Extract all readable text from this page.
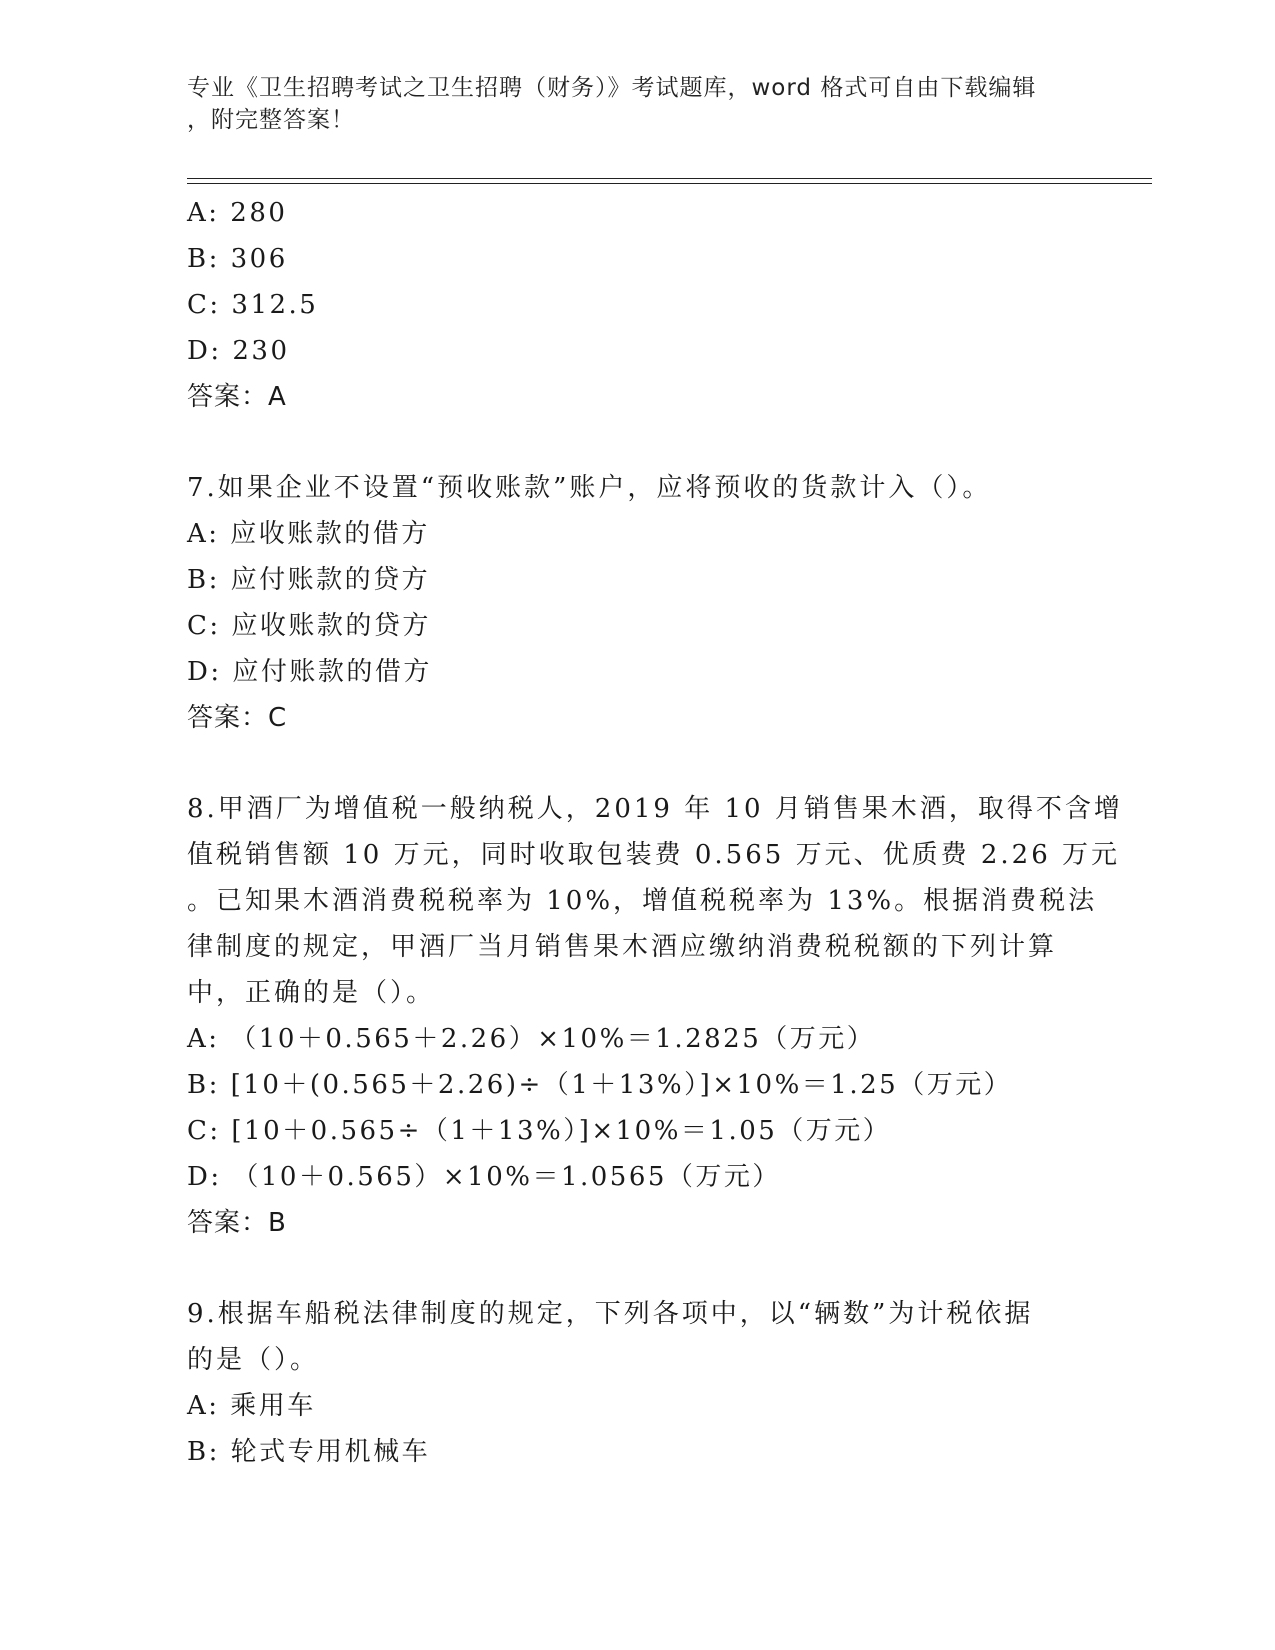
专业《卫生招聘考试之卫生招聘（财务）》考试题库，word 格式可自由下载编辑
，附完整答案！
A: 280
B: 306
C: 312.5
D: 230
答案：A
7.如果企业不设置“预收账款”账户，应将预收的货款计入（）。
A: 应收账款的借方
B: 应付账款的贷方
C: 应收账款的贷方
D: 应付账款的借方
答案：C
8.甲酒厂为增值税一般纳税人，2019 年 10 月销售果木酒，取得不含增
值税销售额 10 万元，同时收取包装费 0.565 万元、优质费 2.26 万元
。已知果木酒消费税税率为 10%，增值税税率为 13%。根据消费税法
律制度的规定，甲酒厂当月销售果木酒应缴纳消费税税额的下列计算
中，正确的是（）。
A: （10＋0.565＋2.26）×10%＝1.2825（万元）
B: [10＋(0.565＋2.26)÷（1＋13%）]×10%＝1.25（万元）
C: [10＋0.565÷（1＋13%）]×10%＝1.05（万元）
D: （10＋0.565）×10%＝1.0565（万元）
答案：B
9.根据车船税法律制度的规定，下列各项中，以“辆数”为计税依据
的是（）。
A: 乘用车
B: 轮式专用机械车
